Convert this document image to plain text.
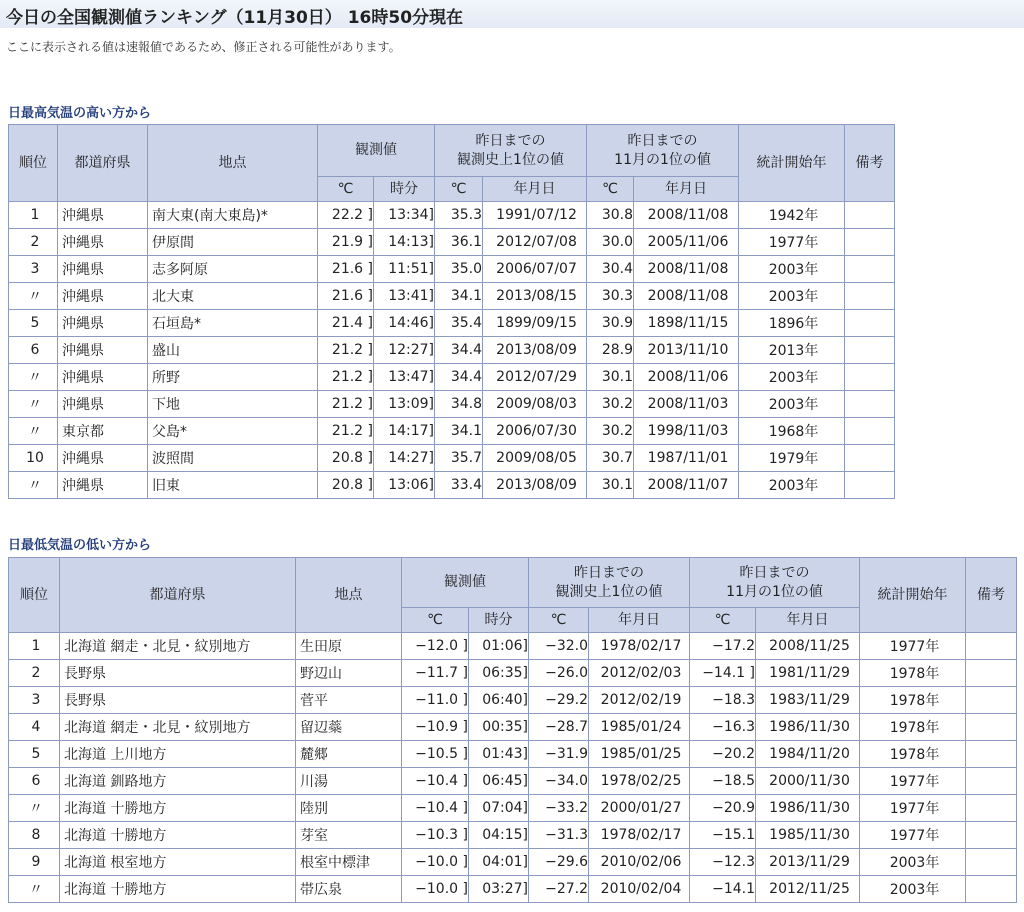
今日の全国観測値ランキング（11月30日） 16時50分現在
ここに表示される値は速報値であるため、修正される可能性があります。
日最高気温の高い方から
順位	都道府県	地点	観測値		昨日までの
観測史上1位の値		昨日までの
11月の1位の値		統計開始年	備考
			℃	時分	℃	年月日	℃	年月日		
1	沖縄県	南大東(南大東島)*	22.2 ]	13:34]	35.3	1991/07/12	30.8	2008/11/08	1942年	
2	沖縄県	伊原間	21.9 ]	14:13]	36.1	2012/07/08	30.0	2005/11/06	1977年	
3	沖縄県	志多阿原	21.6 ]	11:51]	35.0	2006/07/07	30.4	2008/11/08	2003年	
〃	沖縄県	北大東	21.6 ]	13:41]	34.1	2013/08/15	30.3	2008/11/08	2003年	
5	沖縄県	石垣島*	21.4 ]	14:46]	35.4	1899/09/15	30.9	1898/11/15	1896年	
6	沖縄県	盛山	21.2 ]	12:27]	34.4	2013/08/09	28.9	2013/11/10	2013年	
〃	沖縄県	所野	21.2 ]	13:47]	34.4	2012/07/29	30.1	2008/11/06	2003年	
〃	沖縄県	下地	21.2 ]	13:09]	34.8	2009/08/03	30.2	2008/11/03	2003年	
〃	東京都	父島*	21.2 ]	14:17]	34.1	2006/07/30	30.2	1998/11/03	1968年	
10	沖縄県	波照間	20.8 ]	14:27]	35.7	2009/08/05	30.7	1987/11/01	1979年	
〃	沖縄県	旧東	20.8 ]	13:06]	33.4	2013/08/09	30.1	2008/11/07	2003年	
日最低気温の低い方から
順位	都道府県	地点	観測値		昨日までの
観測史上1位の値		昨日までの
11月の1位の値		統計開始年	備考
			℃	時分	℃	年月日	℃	年月日		
1	北海道 網走・北見・紋別地方	生田原	−12.0 ]	01:06]	−32.0	1978/02/17	−17.2	2008/11/25	1977年	
2	長野県	野辺山	−11.7 ]	06:35]	−26.0	2012/02/03	−14.1 ]	1981/11/29	1978年	
3	長野県	菅平	−11.0 ]	06:40]	−29.2	2012/02/19	−18.3	1983/11/29	1978年	
4	北海道 網走・北見・紋別地方	留辺蘂	−10.9 ]	00:35]	−28.7	1985/01/24	−16.3	1986/11/30	1978年	
5	北海道 上川地方	麓郷	−10.5 ]	01:43]	−31.9	1985/01/25	−20.2	1984/11/20	1978年	
6	北海道 釧路地方	川湯	−10.4 ]	06:45]	−34.0	1978/02/25	−18.5	2000/11/30	1977年	
〃	北海道 十勝地方	陸別	−10.4 ]	07:04]	−33.2	2000/01/27	−20.9	1986/11/30	1977年	
8	北海道 十勝地方	芽室	−10.3 ]	04:15]	−31.3	1978/02/17	−15.1	1985/11/30	1977年	
9	北海道 根室地方	根室中標津	−10.0 ]	04:01]	−29.6	2010/02/06	−12.3	2013/11/29	2003年	
〃	北海道 十勝地方	帯広泉	−10.0 ]	03:27]	−27.2	2010/02/04	−14.1	2012/11/25	2003年	
